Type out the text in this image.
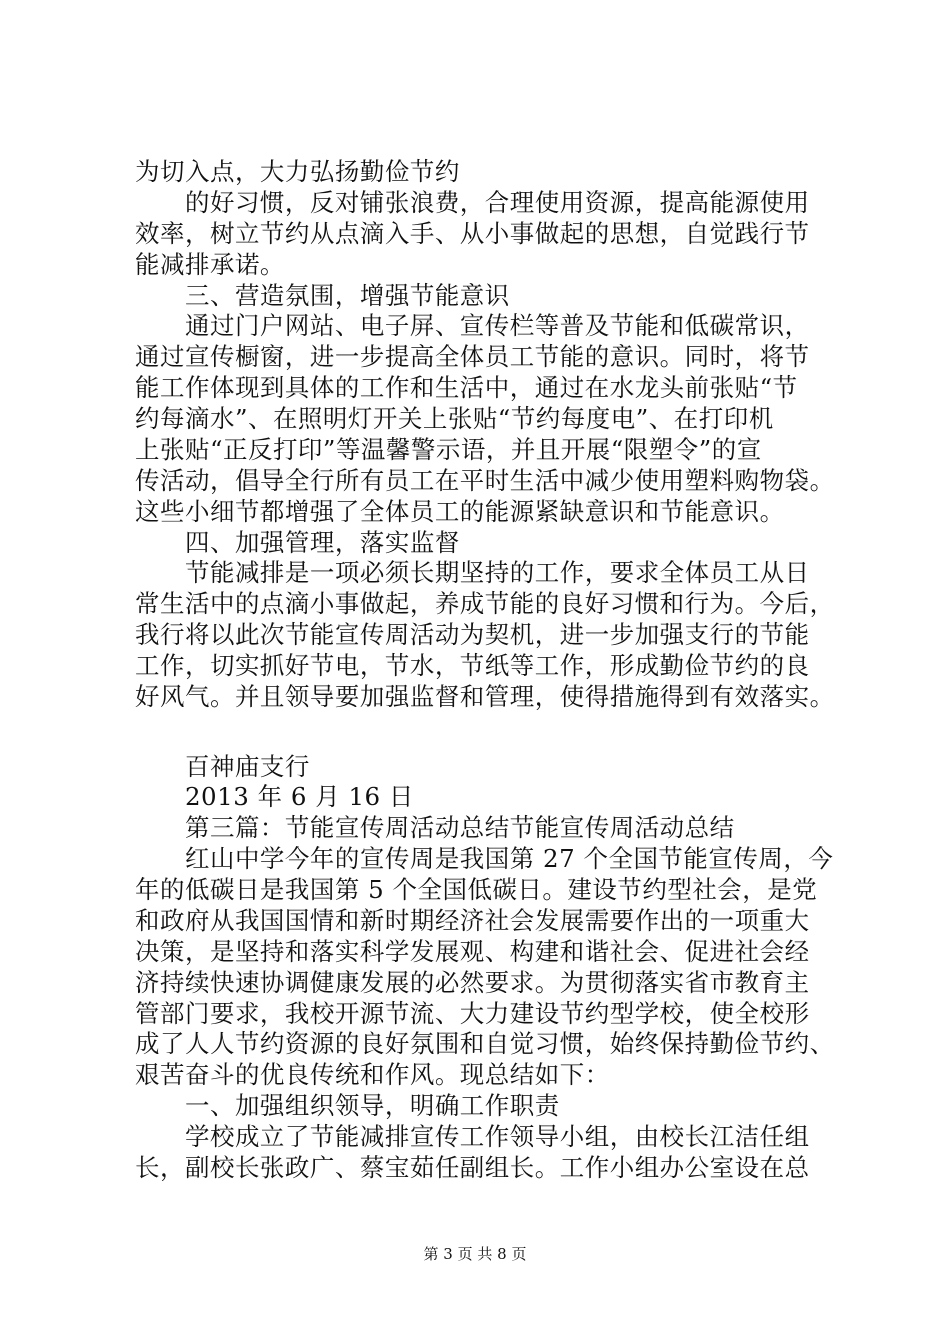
为切入点，大力弘扬勤俭节约
　　的好习惯，反对铺张浪费，合理使用资源，提高能源使用
效率，树立节约从点滴入手、从小事做起的思想，自觉践行节
能减排承诺。
　　三、营造氛围，增强节能意识
　　通过门户网站、电子屏、宣传栏等普及节能和低碳常识，
通过宣传橱窗，进一步提高全体员工节能的意识。同时，将节
能工作体现到具体的工作和生活中，通过在水龙头前张贴“节
约每滴水”、在照明灯开关上张贴“节约每度电”、在打印机
上张贴“正反打印”等温馨警示语，并且开展“限塑令”的宣
传活动，倡导全行所有员工在平时生活中减少使用塑料购物袋。
这些小细节都增强了全体员工的能源紧缺意识和节能意识。
　　四、加强管理，落实监督
　　节能减排是一项必须长期坚持的工作，要求全体员工从日
常生活中的点滴小事做起，养成节能的良好习惯和行为。今后，
我行将以此次节能宣传周活动为契机，进一步加强支行的节能
工作，切实抓好节电，节水，节纸等工作，形成勤俭节约的良
好风气。并且领导要加强监督和管理，使得措施得到有效落实。
　　百神庙支行
　　2013 年 6 月 16 日
　　第三篇：节能宣传周活动总结节能宣传周活动总结
　　红山中学今年的宣传周是我国第 27 个全国节能宣传周，今
年的低碳日是我国第 5 个全国低碳日。建设节约型社会，是党
和政府从我国国情和新时期经济社会发展需要作出的一项重大
决策，是坚持和落实科学发展观、构建和谐社会、促进社会经
济持续快速协调健康发展的必然要求。为贯彻落实省市教育主
管部门要求，我校开源节流、大力建设节约型学校，使全校形
成了人人节约资源的良好氛围和自觉习惯，始终保持勤俭节约、
艰苦奋斗的优良传统和作风。现总结如下：
　　一、加强组织领导，明确工作职责
　　学校成立了节能减排宣传工作领导小组，由校长江洁任组
长，副校长张政广、蔡宝茹任副组长。工作小组办公室设在总
第 3 页 共 8 页
